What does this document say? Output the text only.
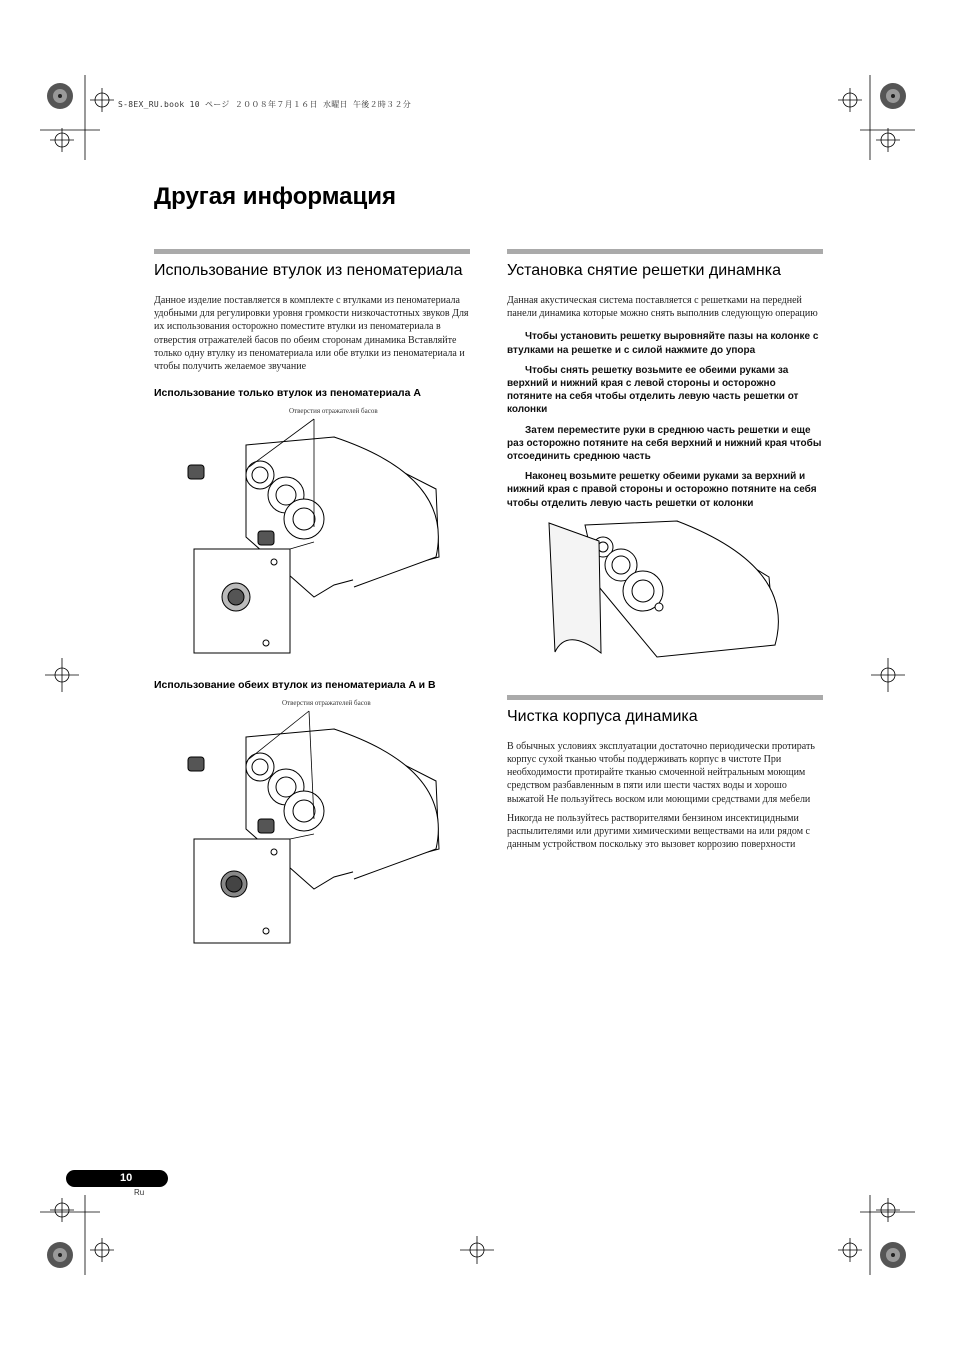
S-8EX_RU.book 10 ページ ２００８年７月１６日 水曜日 午後２時３２分
Другая информация
Использование втулок из пеноматериала

Данное изделие поставляется в комплекте с втулками из пеноматериала удобными для регулировки уровня громкости низкочастотных звуков Для их использования осторожно поместите втулки из пеноматериала в отверстия отражателей басов по обеим сторонам динамика Вставляйте только одну втулку из пеноматериала или обе втулки из пеноматериала и чтобы получить желаемое звучание

Использование только втулок из пеноматериала A
Отверстия отражателей басов
Использование обеих втулок из пеноматериала A и B
Отверстия отражателей басов
Установка снятие решетки динамнка

Данная акустическая система поставляется с решетками на передней панели динамика которые можно снять выполнив следующую операцию

Чтобы установить решетку выровняйте пазы на колонке с втулками на решетке и с силой нажмите до упора

Чтобы снять решетку возьмите ее обеими руками за верхний и нижний края с левой стороны и осторожно потяните на себя чтобы отделить левую часть решетки от колонки

Затем переместите руки в среднюю часть решетки и еще раз осторожно потяните на себя верхний и нижний края чтобы отсоединить среднюю часть

Наконец возьмите решетку обеими руками за верхний и нижний края с правой стороны и осторожно потяните на себя чтобы отделить левую часть решетки от колонки

Чистка корпуса динамика

В обычных условиях эксплуатации достаточно периодически протирать корпус сухой тканью чтобы поддерживать корпус в чистоте При необходимости протирайте тканью смоченной нейтральным моющим средством разбавленным в пяти или шести частях воды и хорошо выжатой Не пользуйтесь воском или моющими средствами для мебели

Никогда не пользуйтесь растворителями бензином инсектицидными распылителями или другими химическими веществами на или рядом с данным устройством поскольку это вызовет коррозию поверхности

10
Ru
